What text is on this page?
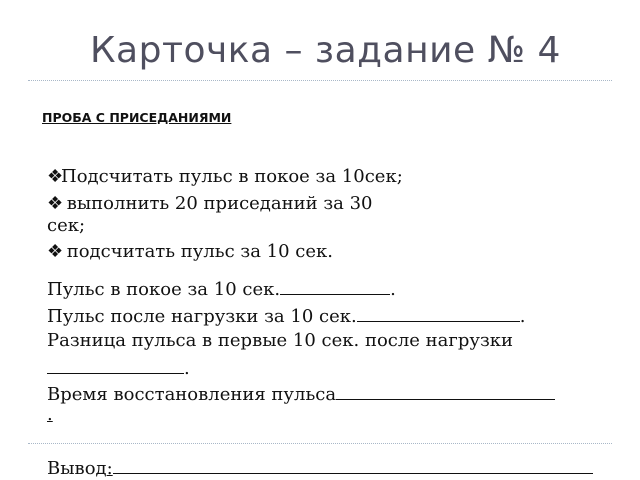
Карточка – задание № 4
ПРОБА С ПРИСЕДАНИЯМИ
❖Подсчитать пульс в покое за 10сек;
❖ выполнить 20 приседаний за 30
сек;
❖ подсчитать пульс за 10 сек.
Пульс в покое за 10 сек.	.
Пульс после нагрузки за 10 сек.	.
Разница пульса в первые 10 сек. после нагрузки
.
Время восстановления пульса
.
Вывод:
